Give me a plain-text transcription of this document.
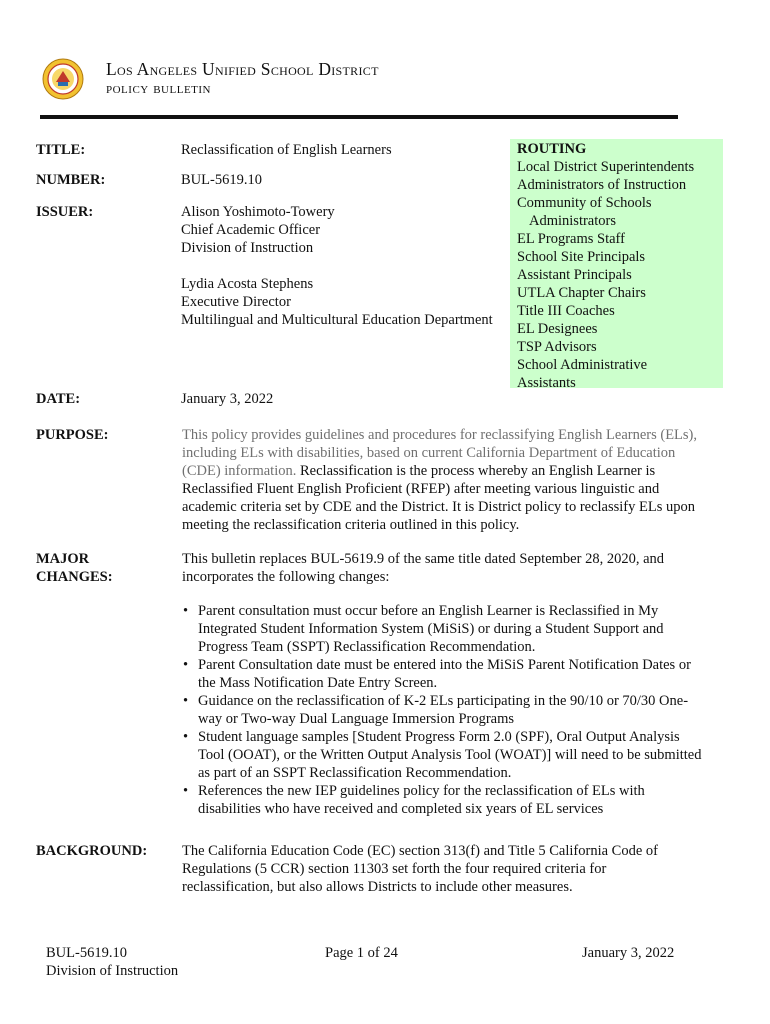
Los Angeles Unified School District
policy bulletin
TITLE:	Reclassification of English Learners
NUMBER:	BUL-5619.10
ISSUER:	Alison Yoshimoto-Towery
Chief Academic Officer
Division of Instruction
Lydia Acosta Stephens
Executive Director
Multilingual and Multicultural Education Department
ROUTING
Local District Superintendents
Administrators of Instruction
Community of Schools
Administrators
EL Programs Staff
School Site Principals
Assistant Principals
UTLA Chapter Chairs
Title III Coaches
EL Designees
TSP Advisors
School Administrative
Assistants
DATE:	January 3, 2022
PURPOSE:	This policy provides guidelines and procedures for reclassifying English Learners (ELs), including ELs with disabilities, based on current California Department of Education (CDE) information. Reclassification is the process whereby an English Learner is Reclassified Fluent English Proficient (RFEP) after meeting various linguistic and academic criteria set by CDE and the District. It is District policy to reclassify ELs upon meeting the reclassification criteria outlined in this policy.
MAJOR
CHANGES:
This bulletin replaces BUL-5619.9 of the same title dated September 28, 2020, and incorporates the following changes:
• Parent consultation must occur before an English Learner is Reclassified in My Integrated Student Information System (MiSiS) or during a Student Support and Progress Team (SSPT) Reclassification Recommendation.
• Parent Consultation date must be entered into the MiSiS Parent Notification Dates or the Mass Notification Date Entry Screen.
• Guidance on the reclassification of K-2 ELs participating in the 90/10 or 70/30 One-way or Two-way Dual Language Immersion Programs
• Student language samples [Student Progress Form 2.0 (SPF), Oral Output Analysis Tool (OOAT), or the Written Output Analysis Tool (WOAT)] will need to be submitted as part of an SSPT Reclassification Recommendation.
• References the new IEP guidelines policy for the reclassification of ELs with disabilities who have received and completed six years of EL services
BACKGROUND: The California Education Code (EC) section 313(f) and Title 5 California Code of Regulations (5 CCR) section 11303 set forth the four required criteria for reclassification, but also allows Districts to include other measures.
BUL-5619.10
Division of Instruction
Page 1 of 24	January 3, 2022
